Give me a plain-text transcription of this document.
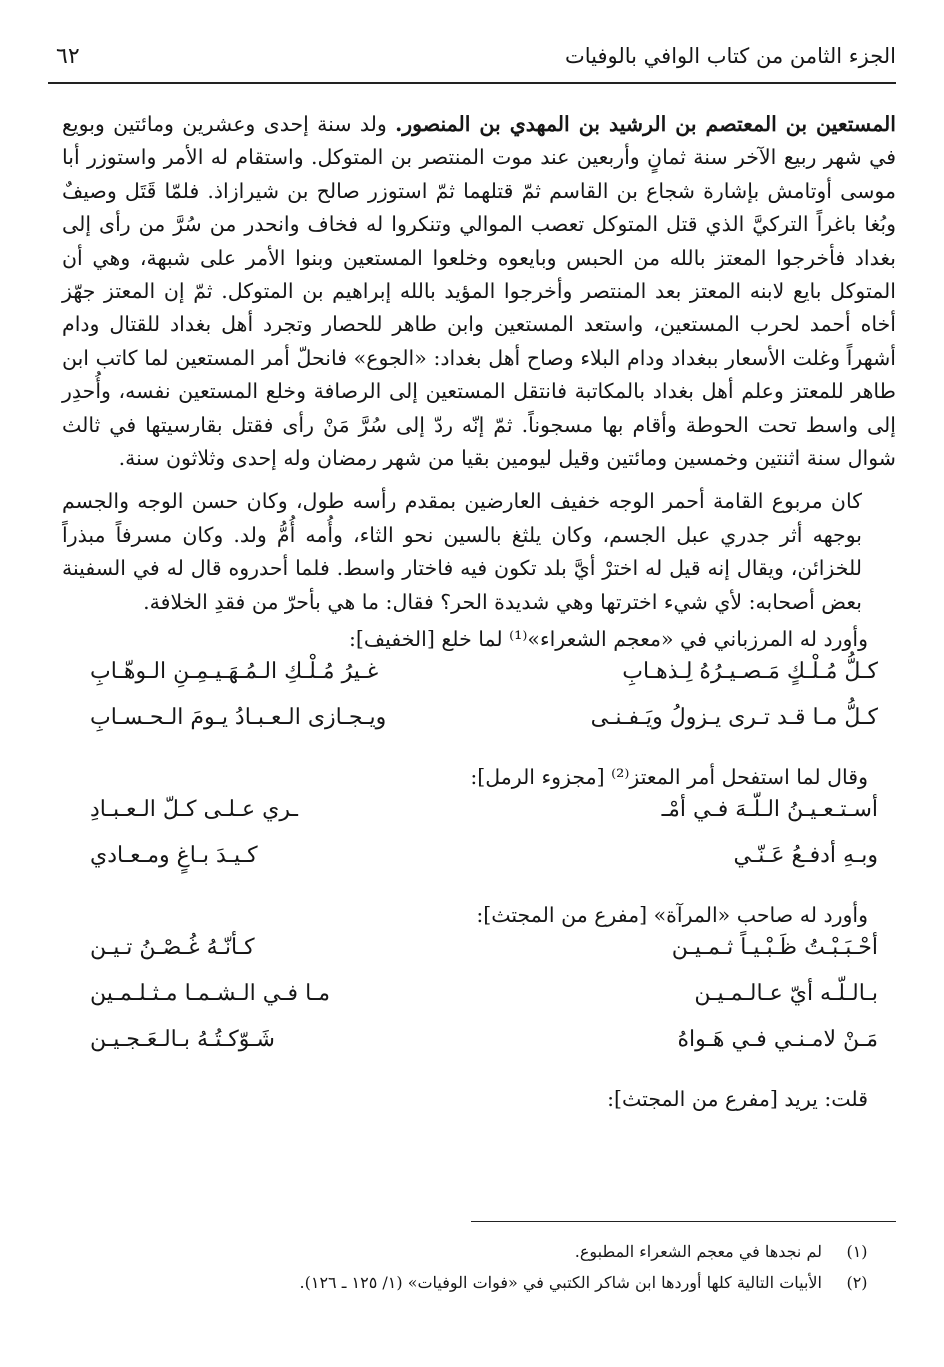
الجزء الثامن من كتاب الوافي بالوفيات
٦٢

المستعين بن المعتصم بن الرشيد بن المهدي بن المنصور. ولد سنة إحدى وعشرين ومائتين وبويع في شهر ربيع الآخر سنة ثمانٍ وأربعين عند موت المنتصر بن المتوكل. واستقام له الأمر واستوزر أبا موسى أوتامش بإشارة شجاع بن القاسم ثمّ قتلهما ثمّ استوزر صالح بن شيرازاذ. فلمّا قَتَل وصيفٌ وبُغا باغراً التركيَّ الذي قتل المتوكل تعصب الموالي وتنكروا له فخاف وانحدر من سُرَّ من رأى إلى بغداد فأخرجوا المعتز بالله من الحبس وبايعوه وخلعوا المستعين وبنوا الأمر على شبهة، وهي أن المتوكل بايع لابنه المعتز بعد المنتصر وأخرجوا المؤيد بالله إبراهيم بن المتوكل. ثمّ إن المعتز جهّز أخاه أحمد لحرب المستعين، واستعد المستعين وابن طاهر للحصار وتجرد أهل بغداد للقتال ودام أشهراً وغلت الأسعار ببغداد ودام البلاء وصاح أهل بغداد: «الجوع» فانحلّ أمر المستعين لما كاتب ابن طاهر للمعتز وعلم أهل بغداد بالمكاتبة فانتقل المستعين إلى الرصافة وخلع المستعين نفسه، وأُحدِر إلى واسط تحت الحوطة وأقام بها مسجوناً. ثمّ إنّه ردّ إلى سُرَّ مَنْ رأى فقتل بقارسيتها في ثالث شوال سنة اثنتين وخمسين ومائتين وقيل ليومين بقيا من شهر رمضان وله إحدى وثلاثون سنة.

كان مربوع القامة أحمر الوجه خفيف العارضين بمقدم رأسه طول، وكان حسن الوجه والجسم بوجهه أثر جدري عبل الجسم، وكان يلثغ بالسين نحو الثاء، وأُمه أُمُّ ولد. وكان مسرفاً مبذراً للخزائن، ويقال إنه قيل له اخترْ أيَّ بلد تكون فيه فاختار واسط. فلما أحدروه قال له في السفينة بعض أصحابه: لأي شيء اخترتها وهي شديدة الحر؟ فقال: ما هي بأحرّ من فقدِ الخلافة.

وأورد له المرزباني في «معجم الشعراء»⁽¹⁾ لما خلع [الخفيف]:

كـلُّ مُـلْـكٍ مَـصـيـرُهُ لِـذهـابِ
غـيرُ مُـلْـكِ الـمُـهَـيـمِـنِ الـوهّـابِ
كـلُّ مـا قـد تـرى يـزولُ ويَـفـنـى
ويـجـازى الـعـبـادُ يـومَ الـحـسـابِ

وقال لما استفحل أمر المعتز⁽²⁾ [مجزوء الرمل]:

أسـتـعـيـنُ الـلّـهَ فـي أمْـ
ـري عـلـى كـلّ الـعـبـادِ
وبـهِ أدفـعُ عَـنّـي
كـيـدَ بـاغٍ ومـعـادي

وأورد له صاحب «المرآة» [مفرع من المجتث]:

أحْـبَـبْـتُ ظَـبْـيـاً ثـمـيـن
كـأنّـهُ غُـصْـنُ تـيـن
بـالـلّـه أيّ عـالـمـيـن
مـا فـي الـشـمـا مـثـلـمـين
مَـنْ لامـنـي فـي هَـواهُ
شَـوّكـتُـهُ بـالـعَـجـيـن

قلت: يريد [مفرع من المجتث]:

(١)
لم نجدها في معجم الشعراء المطبوع.
(٢)
الأبيات التالية كلها أوردها ابن شاكر الكتبي في «فوات الوفيات» (١/ ١٢٥ ـ ١٢٦).
